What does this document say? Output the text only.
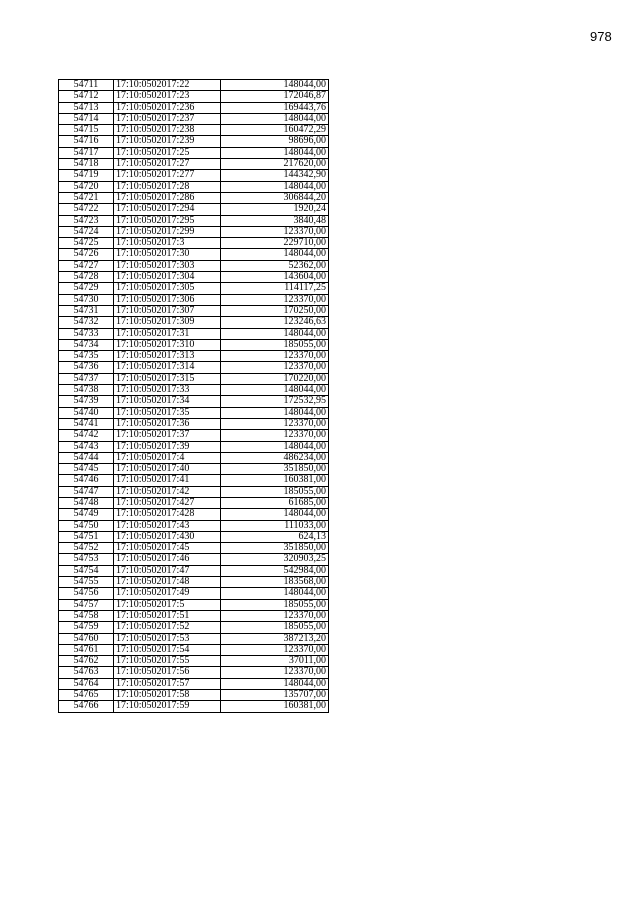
978
54711	17:10:0502017:22	148044,00
54712	17:10:0502017:23	172046,87
54713	17:10:0502017:236	169443,76
54714	17:10:0502017:237	148044,00
54715	17:10:0502017:238	160472,29
54716	17:10:0502017:239	98696,00
54717	17:10:0502017:25	148044,00
54718	17:10:0502017:27	217620,00
54719	17:10:0502017:277	144342,90
54720	17:10:0502017:28	148044,00
54721	17:10:0502017:286	306844,20
54722	17:10:0502017:294	1920,24
54723	17:10:0502017:295	3840,48
54724	17:10:0502017:299	123370,00
54725	17:10:0502017:3	229710,00
54726	17:10:0502017:30	148044,00
54727	17:10:0502017:303	52362,00
54728	17:10:0502017:304	143604,00
54729	17:10:0502017:305	114117,25
54730	17:10:0502017:306	123370,00
54731	17:10:0502017:307	170250,00
54732	17:10:0502017:309	123246,63
54733	17:10:0502017:31	148044,00
54734	17:10:0502017:310	185055,00
54735	17:10:0502017:313	123370,00
54736	17:10:0502017:314	123370,00
54737	17:10:0502017:315	170220,00
54738	17:10:0502017:33	148044,00
54739	17:10:0502017:34	172532,95
54740	17:10:0502017:35	148044,00
54741	17:10:0502017:36	123370,00
54742	17:10:0502017:37	123370,00
54743	17:10:0502017:39	148044,00
54744	17:10:0502017:4	486234,00
54745	17:10:0502017:40	351850,00
54746	17:10:0502017:41	160381,00
54747	17:10:0502017:42	185055,00
54748	17:10:0502017:427	61685,00
54749	17:10:0502017:428	148044,00
54750	17:10:0502017:43	111033,00
54751	17:10:0502017:430	624,13
54752	17:10:0502017:45	351850,00
54753	17:10:0502017:46	320903,25
54754	17:10:0502017:47	542984,00
54755	17:10:0502017:48	183568,00
54756	17:10:0502017:49	148044,00
54757	17:10:0502017:5	185055,00
54758	17:10:0502017:51	123370,00
54759	17:10:0502017:52	185055,00
54760	17:10:0502017:53	387213,20
54761	17:10:0502017:54	123370,00
54762	17:10:0502017:55	37011,00
54763	17:10:0502017:56	123370,00
54764	17:10:0502017:57	148044,00
54765	17:10:0502017:58	135707,00
54766	17:10:0502017:59	160381,00
